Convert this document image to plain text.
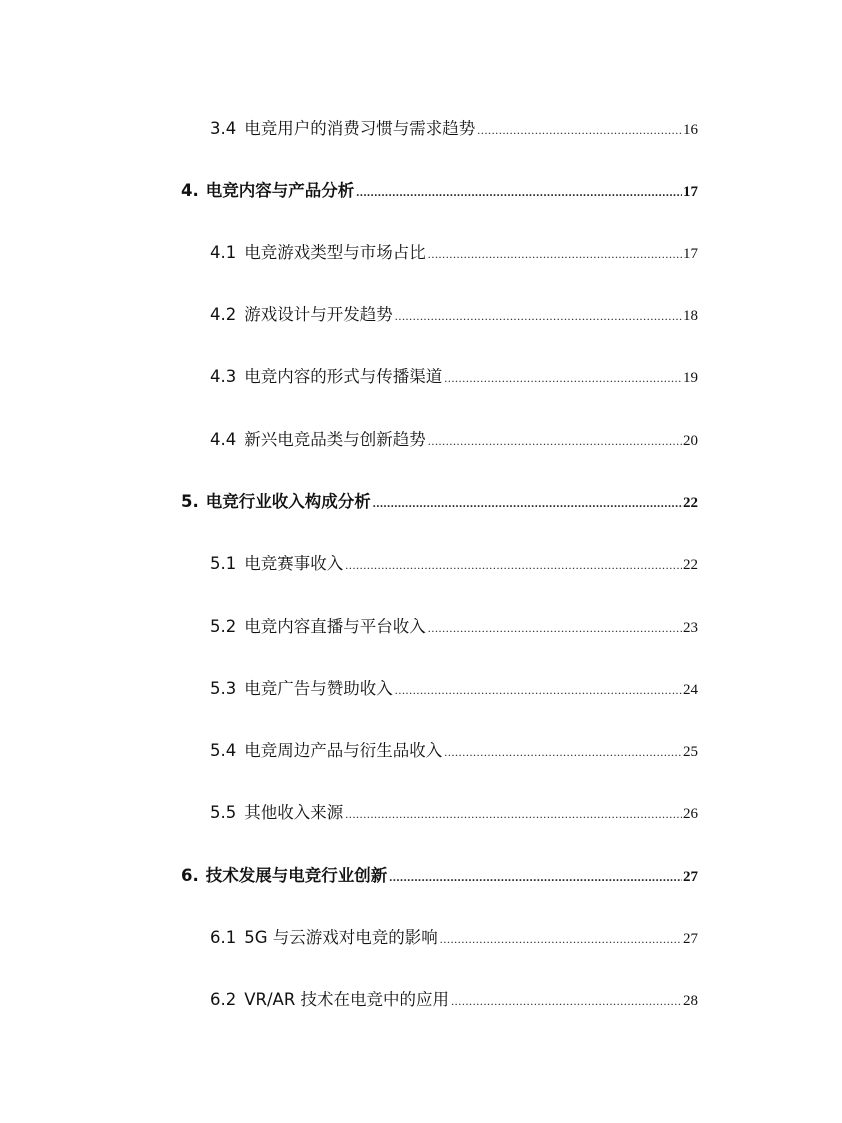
3.4 电竞用户的消费习惯与需求趋势 .....	16
4. 电竞内容与产品分析 .....	17
4.1 电竞游戏类型与市场占比 .....	17
4.2 游戏设计与开发趋势 .....	18
4.3 电竞内容的形式与传播渠道 .....	19
4.4 新兴电竞品类与创新趋势 .....	20
5. 电竞行业收入构成分析 .....	22
5.1 电竞赛事收入 .....	22
5.2 电竞内容直播与平台收入 .....	23
5.3 电竞广告与赞助收入 .....	24
5.4 电竞周边产品与衍生品收入 .....	25
5.5 其他收入来源 .....	26
6. 技术发展与电竞行业创新 .....	27
6.1 5G 与云游戏对电竞的影响 .....	27
6.2 VR/AR 技术在电竞中的应用 .....	28
